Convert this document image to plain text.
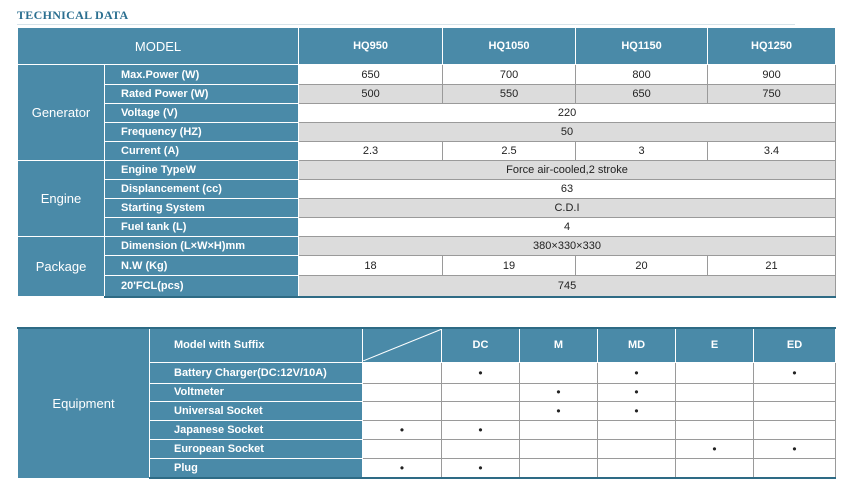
TECHNICAL DATA
MODEL		HQ950	HQ1050	HQ1150	HQ1250
Generator	Max.Power (W)	650	700	800	900
	Rated Power (W)	500	550	650	750
	Voltage (V)	220			
	Frequency (HZ)	50			
	Current (A)	2.3	2.5	3	3.4
Engine	Engine TypeW	Force air-cooled,2 stroke			
	Displancement (cc)	63			
	Starting System	C.D.I			
	Fuel tank (L)	4			
Package	Dimension (L×W×H)mm	380×330×330			
	N.W (Kg)	18	19	20	21
	20'FCL(pcs)	745			
Equipment	Model with Suffix		DC	M	MD	E	ED
	Battery Charger(DC:12V/10A)		•		•		•
	Voltmeter			•	•		
	Universal Socket			•	•		
	Japanese Socket	•	•				
	European Socket					•	•
	Plug	•	•				
